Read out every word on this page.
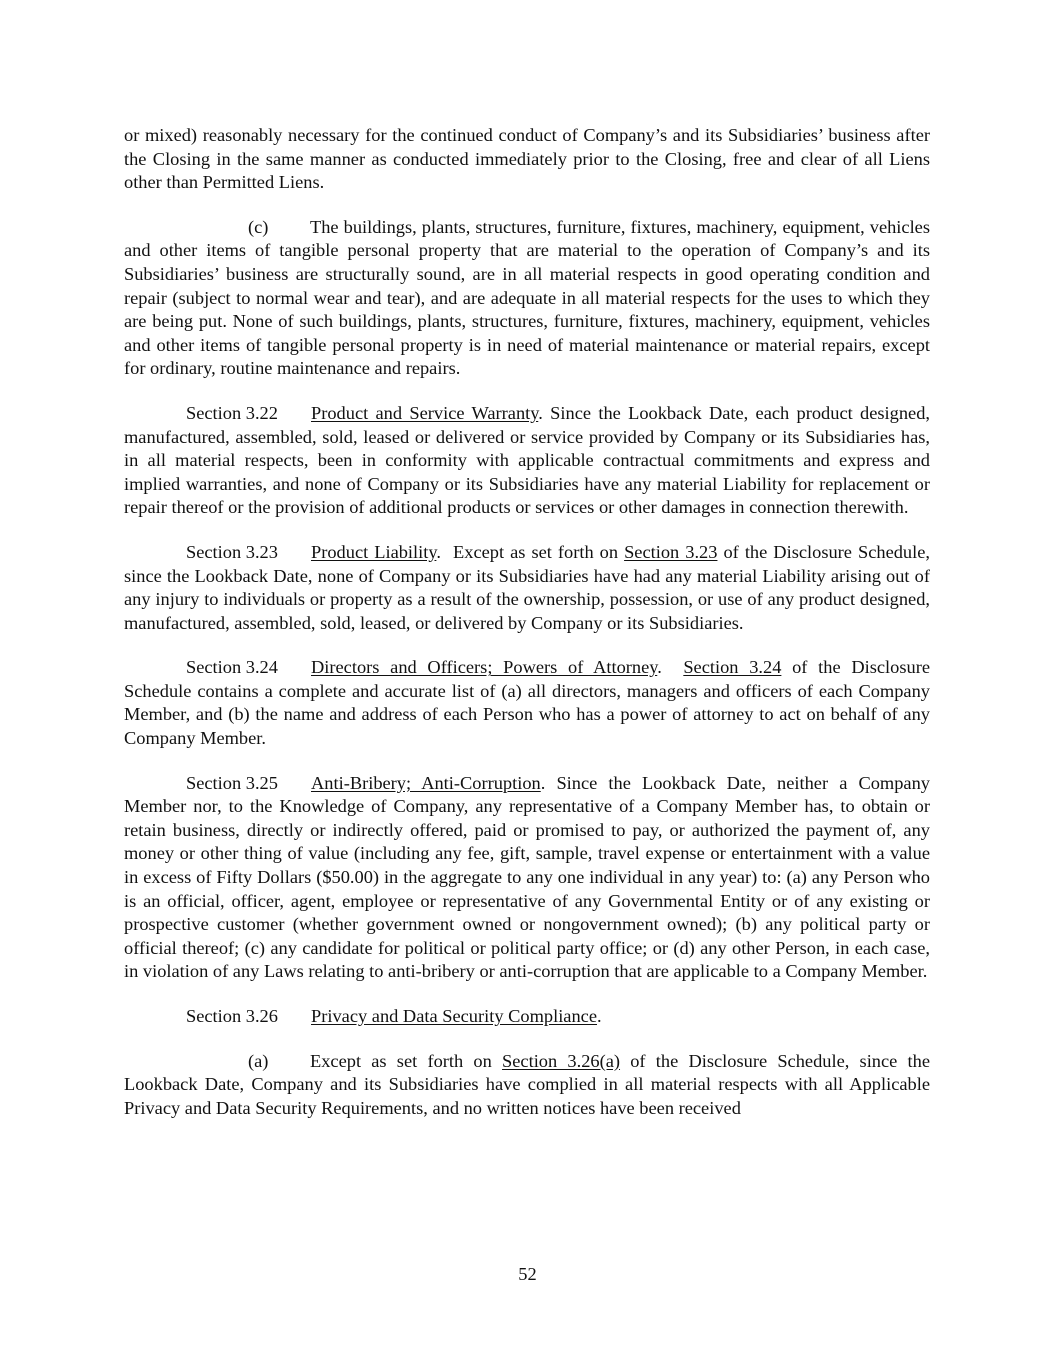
or mixed) reasonably necessary for the continued conduct of Company’s and its Subsidiaries’ business after the Closing in the same manner as conducted immediately prior to the Closing, free and clear of all Liens other than Permitted Liens.

(c) The buildings, plants, structures, furniture, fixtures, machinery, equipment, vehicles and other items of tangible personal property that are material to the operation of Company’s and its Subsidiaries’ business are structurally sound, are in all material respects in good operating condition and repair (subject to normal wear and tear), and are adequate in all material respects for the uses to which they are being put. None of such buildings, plants, structures, furniture, fixtures, machinery, equipment, vehicles and other items of tangible personal property is in need of material maintenance or material repairs, except for ordinary, routine maintenance and repairs.

Section 3.22 Product and Service Warranty. Since the Lookback Date, each product designed, manufactured, assembled, sold, leased or delivered or service provided by Company or its Subsidiaries has, in all material respects, been in conformity with applicable contractual commitments and express and implied warranties, and none of Company or its Subsidiaries have any material Liability for replacement or repair thereof or the provision of additional products or services or other damages in connection therewith.

Section 3.23 Product Liability.  Except as set forth on Section 3.23 of the Disclosure Schedule, since the Lookback Date, none of Company or its Subsidiaries have had any material Liability arising out of any injury to individuals or property as a result of the ownership, possession, or use of any product designed, manufactured, assembled, sold, leased, or delivered by Company or its Subsidiaries.

Section 3.24 Directors and Officers; Powers of Attorney.  Section 3.24 of the Disclosure Schedule contains a complete and accurate list of (a) all directors, managers and officers of each Company Member, and (b) the name and address of each Person who has a power of attorney to act on behalf of any Company Member.

Section 3.25 Anti-Bribery; Anti-Corruption. Since the Lookback Date, neither a Company Member nor, to the Knowledge of Company, any representative of a Company Member has, to obtain or retain business, directly or indirectly offered, paid or promised to pay, or authorized the payment of, any money or other thing of value (including any fee, gift, sample, travel expense or entertainment with a value in excess of Fifty Dollars ($50.00) in the aggregate to any one individual in any year) to: (a) any Person who is an official, officer, agent, employee or representative of any Governmental Entity or of any existing or prospective customer (whether government owned or nongovernment owned); (b) any political party or official thereof; (c) any candidate for political or political party office; or (d) any other Person, in each case, in violation of any Laws relating to anti-bribery or anti-corruption that are applicable to a Company Member.

Section 3.26 Privacy and Data Security Compliance.

(a) Except as set forth on Section 3.26(a) of the Disclosure Schedule, since the Lookback Date, Company and its Subsidiaries have complied in all material respects with all Applicable Privacy and Data Security Requirements, and no written notices have been received

52
